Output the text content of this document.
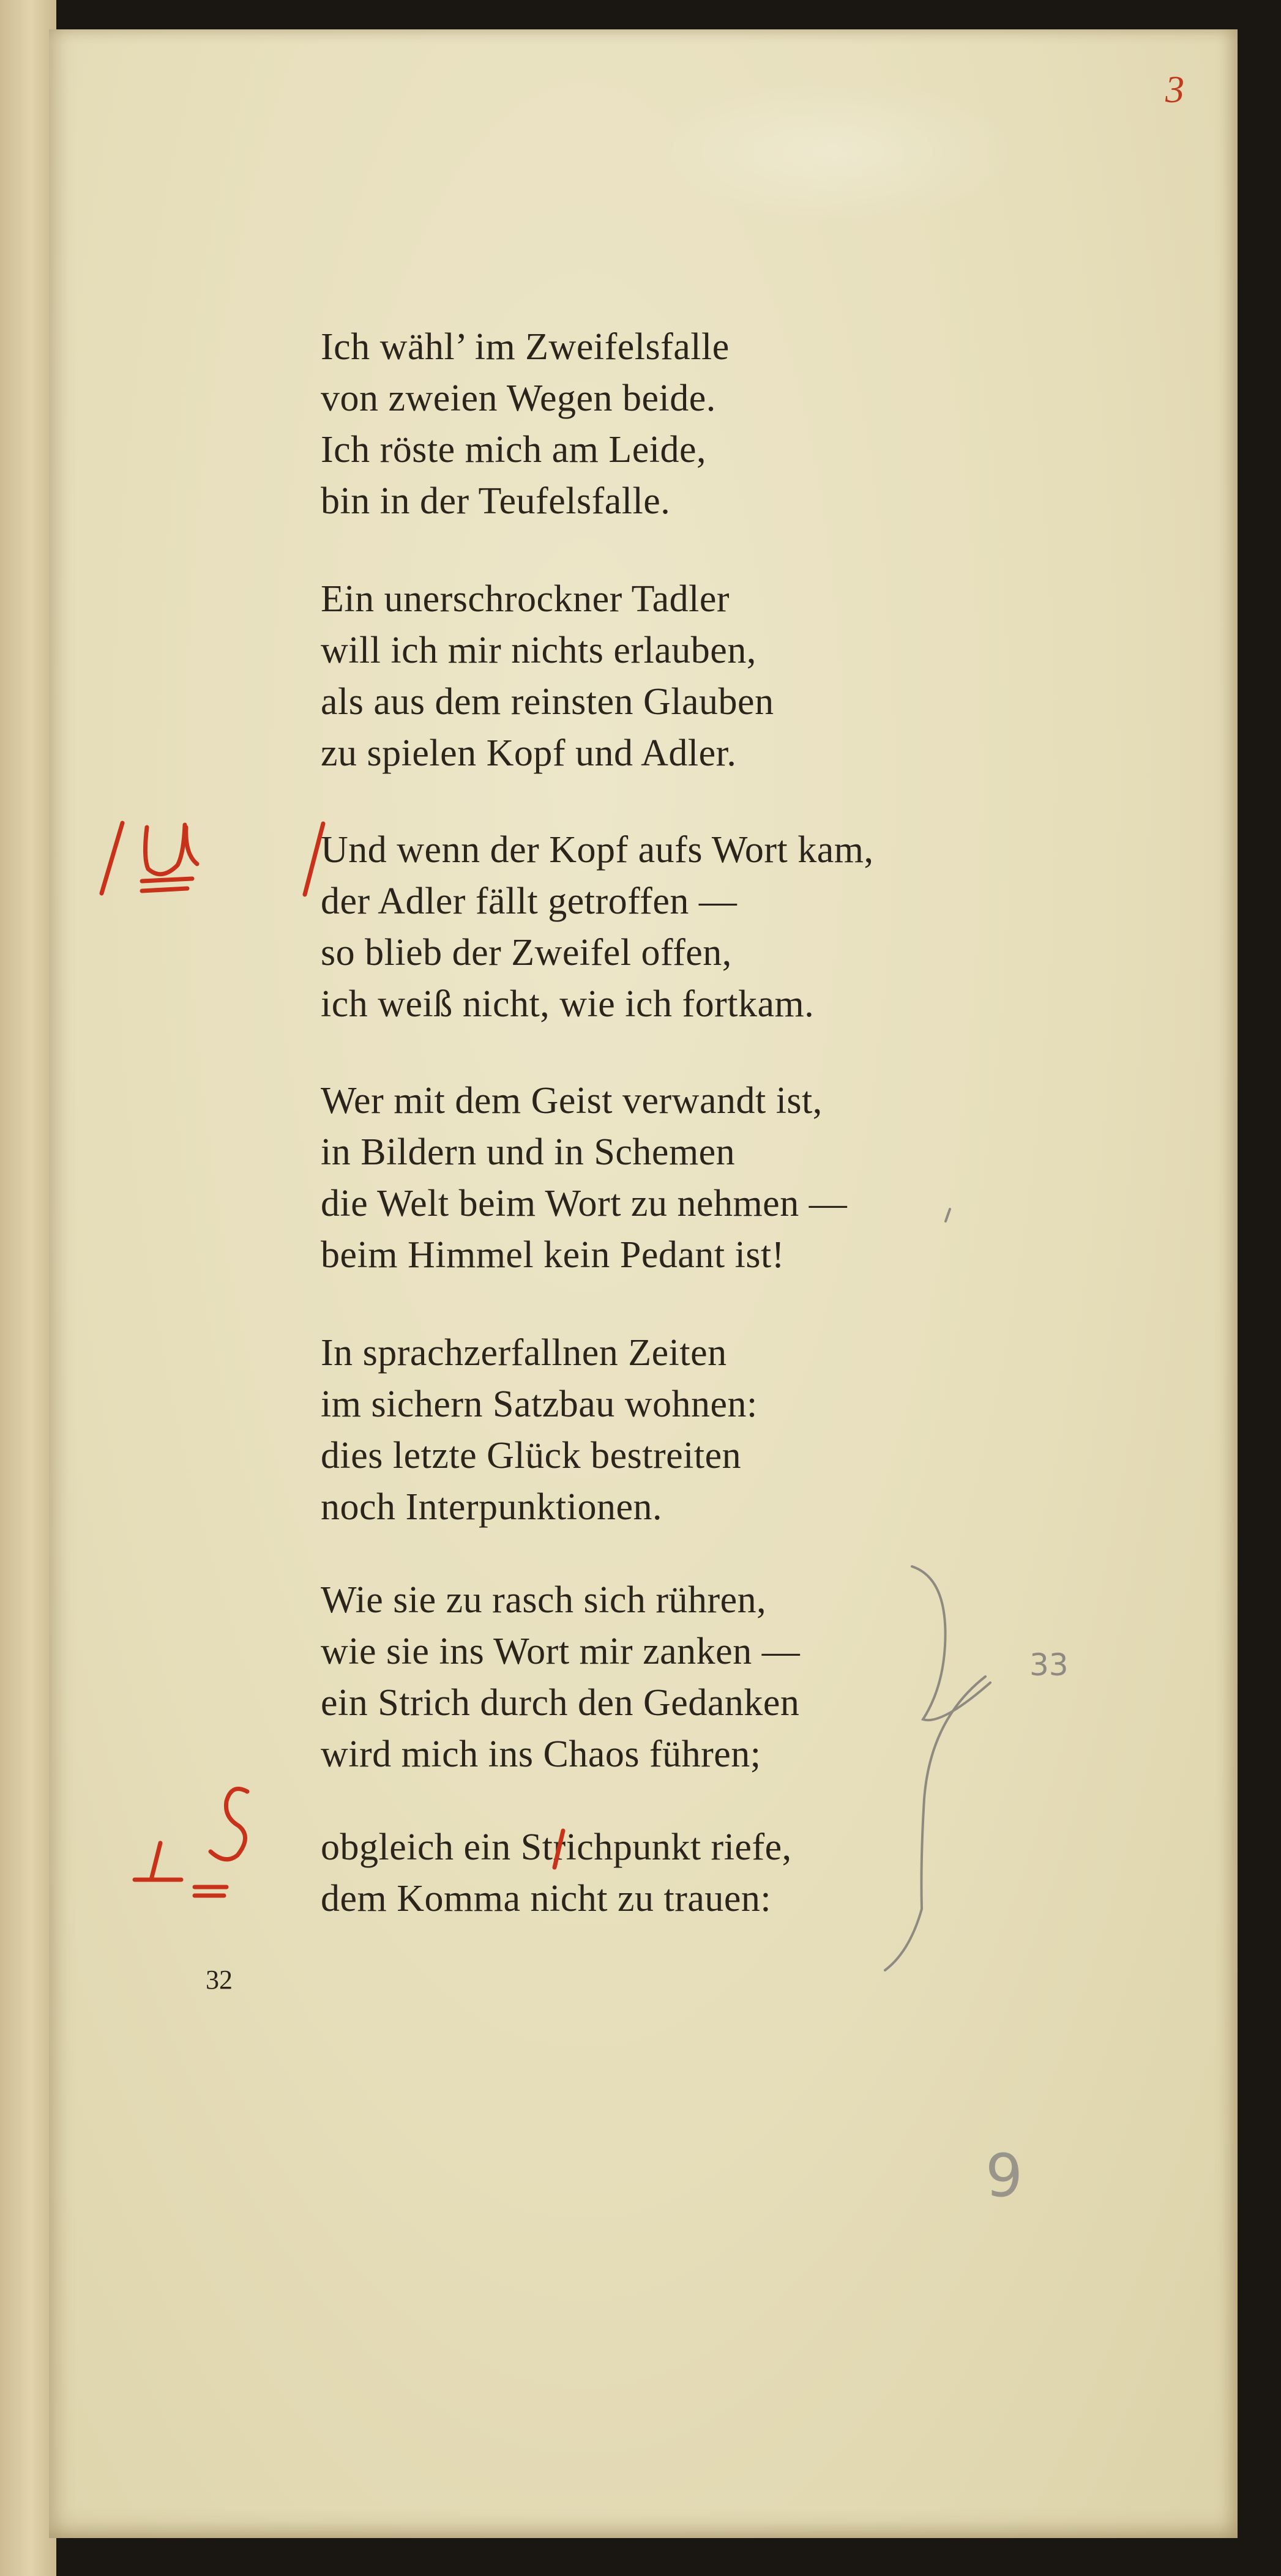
3
Ich wähl’ im Zweifelsfalle
von zweien Wegen beide.
Ich röste mich am Leide,
bin in der Teufelsfalle.
Ein unerschrockner Tadler
will ich mir nichts erlauben,
als aus dem reinsten Glauben
zu spielen Kopf und Adler.
Und wenn der Kopf aufs Wort kam,
der Adler fällt getroffen —
so blieb der Zweifel offen,
ich weiß nicht, wie ich fortkam.
Wer mit dem Geist verwandt ist,
in Bildern und in Schemen
die Welt beim Wort zu nehmen —
beim Himmel kein Pedant ist!
In sprachzerfallnen Zeiten
im sichern Satzbau wohnen:
dies letzte Glück bestreiten
noch Interpunktionen.
Wie sie zu rasch sich rühren,
wie sie ins Wort mir zanken —
ein Strich durch den Gedanken
wird mich ins Chaos führen;
obgleich ein Strichpunkt riefe,
dem Komma nicht zu trauen:
32
33
9
